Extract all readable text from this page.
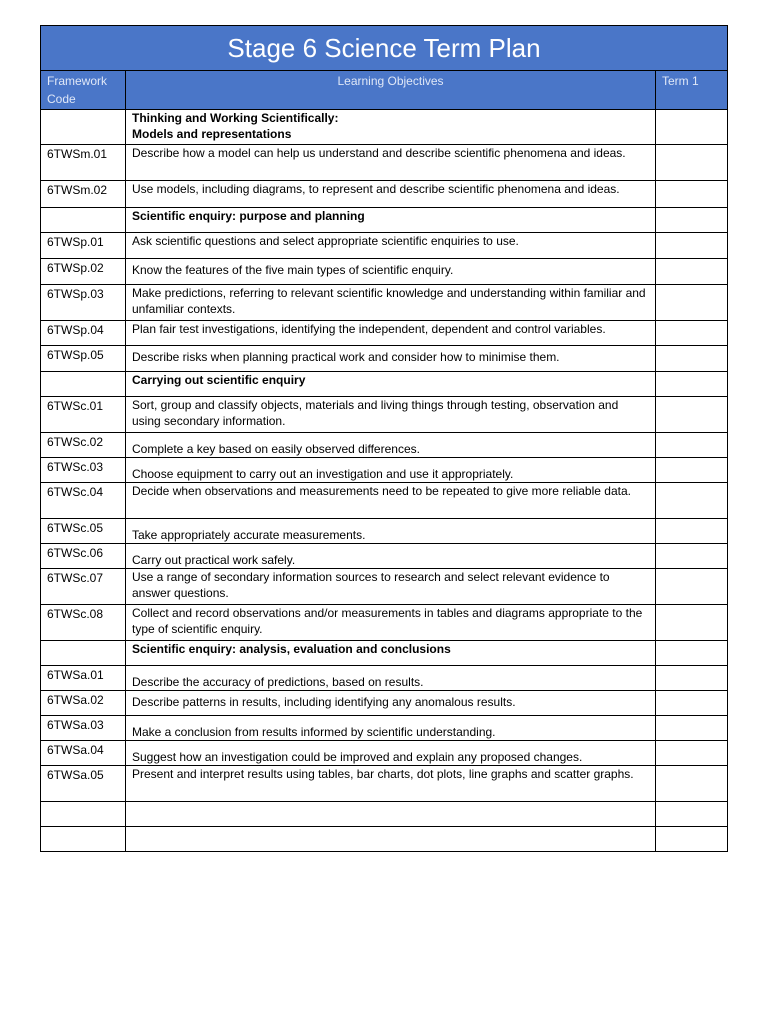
Stage 6 Science Term Plan		
Framework Code	Learning Objectives	Term 1
	Thinking and Working Scientifically:
Models and representations	
6TWSm.01	Describe how a model can help us understand and describe scientific phenomena and ideas.	
6TWSm.02	Use models, including diagrams, to represent and describe scientific phenomena and ideas.	
	Scientific enquiry: purpose and planning	
6TWSp.01	Ask scientific questions and select appropriate scientific enquiries to use.	
6TWSp.02	Know the features of the five main types of scientific enquiry.	
6TWSp.03	Make predictions, referring to relevant scientific knowledge and understanding within familiar and unfamiliar contexts.	
6TWSp.04	Plan fair test investigations, identifying the independent, dependent and control variables.	
6TWSp.05	Describe risks when planning practical work and consider how to minimise them.	
	Carrying out scientific enquiry	
6TWSc.01	Sort, group and classify objects, materials and living things through testing, observation and using secondary information.	
6TWSc.02	Complete a key based on easily observed differences.	
6TWSc.03	Choose equipment to carry out an investigation and use it appropriately.	
6TWSc.04	Decide when observations and measurements need to be repeated to give more reliable data.	
6TWSc.05	Take appropriately accurate measurements.	
6TWSc.06	Carry out practical work safely.	
6TWSc.07	Use a range of secondary information sources to research and select relevant evidence to answer questions.	
6TWSc.08	Collect and record observations and/or measurements in tables and diagrams appropriate to the type of scientific enquiry.	
	Scientific enquiry: analysis, evaluation and conclusions	
6TWSa.01	Describe the accuracy of predictions, based on results.	
6TWSa.02	Describe patterns in results, including identifying any anomalous results.	
6TWSa.03	Make a conclusion from results informed by scientific understanding.	
6TWSa.04	Suggest how an investigation could be improved and explain any proposed changes.	
6TWSa.05	Present and interpret results using tables, bar charts, dot plots, line graphs and scatter graphs.	
